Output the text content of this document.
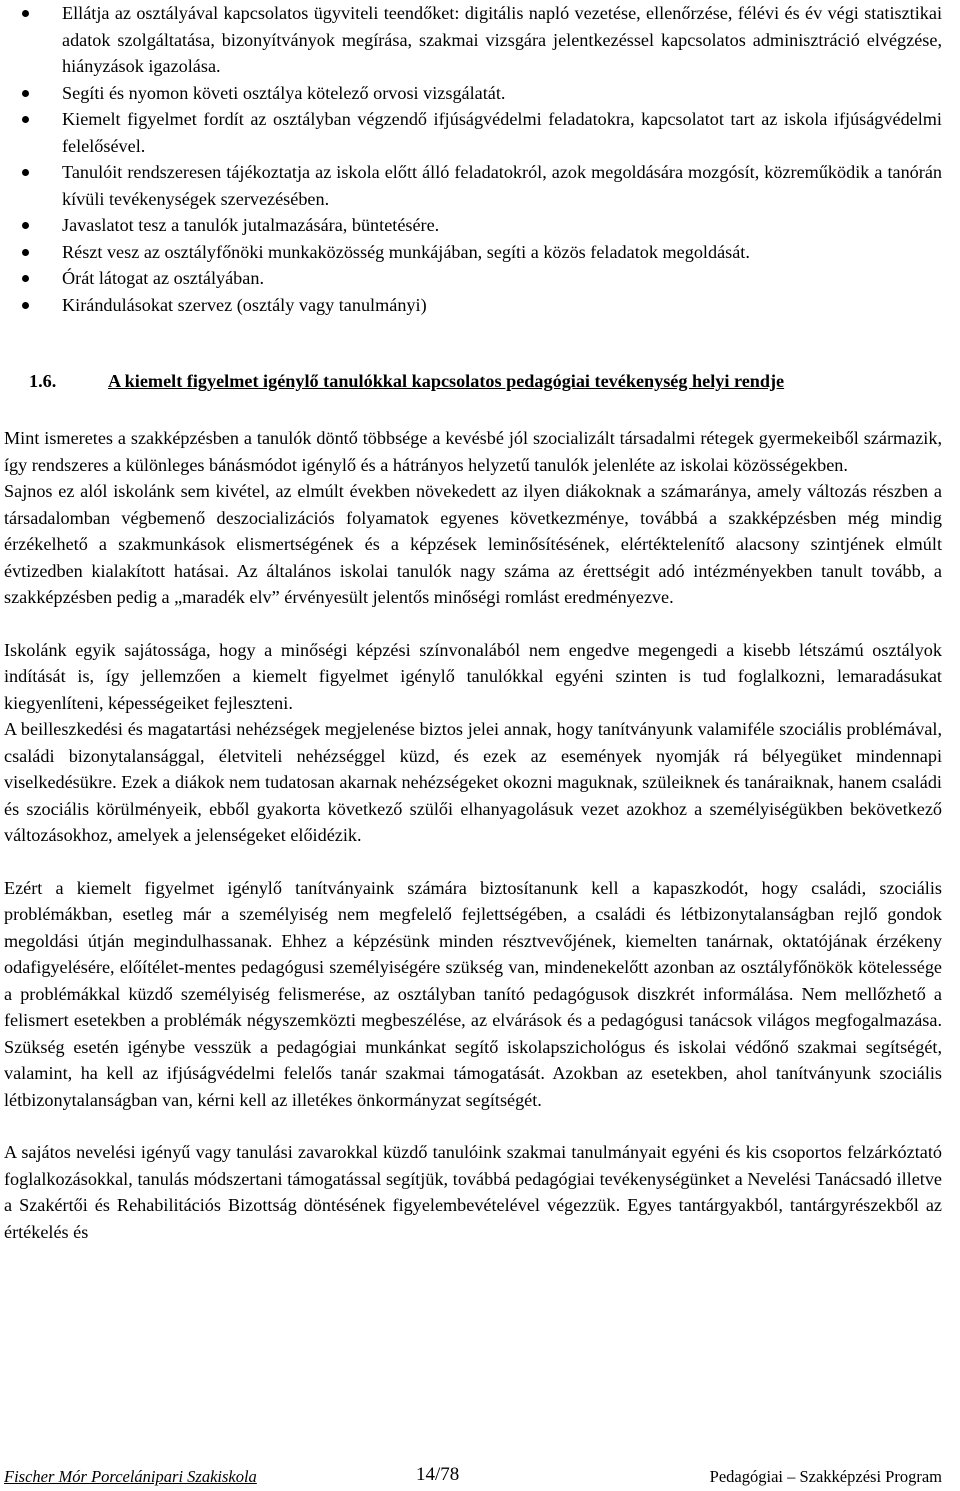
Ellátja az osztályával kapcsolatos ügyviteli teendőket: digitális napló vezetése, ellenőrzése, félévi és év végi statisztikai adatok szolgáltatása, bizonyítványok megírása, szakmai vizsgára jelentkezéssel kapcsolatos adminisztráció elvégzése, hiányzások igazolása.
Segíti és nyomon követi osztálya kötelező orvosi vizsgálatát.
Kiemelt figyelmet fordít az osztályban végzendő ifjúságvédelmi feladatokra, kapcsolatot tart az iskola ifjúságvédelmi felelősével.
Tanulóit rendszeresen tájékoztatja az iskola előtt álló feladatokról, azok megoldására mozgósít, közreműködik a tanórán kívüli tevékenységek szervezésében.
Javaslatot tesz a tanulók jutalmazására, büntetésére.
Részt vesz az osztályfőnöki munkaközösség munkájában, segíti a közös feladatok megoldását.
Órát látogat az osztályában.
Kirándulásokat szervez (osztály vagy tanulmányi)
1.6.	A kiemelt figyelmet igénylő tanulókkal kapcsolatos pedagógiai tevékenység helyi rendje

Mint ismeretes a szakképzésben a tanulók döntő többsége a kevésbé jól szocializált társadalmi rétegek gyermekeiből származik, így rendszeres a különleges bánásmódot igénylő és a hátrányos helyzetű tanulók jelenléte az iskolai közösségekben.

Sajnos ez alól iskolánk sem kivétel, az elmúlt években növekedett az ilyen diákoknak a számaránya, amely változás részben a társadalomban végbemenő deszocializációs folyamatok egyenes következménye, továbbá a szakképzésben még mindig érzékelhető a szakmunkások elismertségének és a képzések leminősítésének, elértéktelenítő alacsony szintjének elmúlt évtizedben kialakított hatásai. Az általános iskolai tanulók nagy száma az érettségit adó intézményekben tanult tovább, a szakképzésben pedig a „maradék elv” érvényesült jelentős minőségi romlást eredményezve.

Iskolánk egyik sajátossága, hogy a minőségi képzési színvonalából nem engedve megengedi a kisebb létszámú osztályok indítását is, így jellemzően a kiemelt figyelmet igénylő tanulókkal egyéni szinten is tud foglalkozni, lemaradásukat kiegyenlíteni, képességeiket fejleszteni.

A beilleszkedési és magatartási nehézségek megjelenése biztos jelei annak, hogy tanítványunk valamiféle szociális problémával, családi bizonytalansággal, életviteli nehézséggel küzd, és ezek az események nyomják rá bélyegüket mindennapi viselkedésükre. Ezek a diákok nem tudatosan akarnak nehézségeket okozni maguknak, szüleiknek és tanáraiknak, hanem családi és szociális körülményeik, ebből gyakorta következő szülői elhanyagolásuk vezet azokhoz a személyiségükben bekövetkező változásokhoz, amelyek a jelenségeket előidézik.

Ezért a kiemelt figyelmet igénylő tanítványaink számára biztosítanunk kell a kapaszkodót, hogy családi, szociális problémákban, esetleg már a személyiség nem megfelelő fejlettségében, a családi és létbizonytalanságban rejlő gondok megoldási útján megindulhassanak. Ehhez a képzésünk minden résztvevőjének, kiemelten tanárnak, oktatójának érzékeny odafigyelésére, előítélet-mentes pedagógusi személyiségére szükség van, mindenekelőtt azonban az osztályfőnökök kötelessége a problémákkal küzdő személyiség felismerése, az osztályban tanító pedagógusok diszkrét informálása. Nem mellőzhető a felismert esetekben a problémák négyszemközti megbeszélése, az elvárások és a pedagógusi tanácsok világos megfogalmazása. Szükség esetén igénybe vesszük a pedagógiai munkánkat segítő iskolapszichológus és iskolai védőnő szakmai segítségét, valamint, ha kell az ifjúságvédelmi felelős tanár szakmai támogatását. Azokban az esetekben, ahol tanítványunk szociális létbizonytalanságban van, kérni kell az illetékes önkormányzat segítségét.

A sajátos nevelési igényű vagy tanulási zavarokkal küzdő tanulóink szakmai tanulmányait egyéni és kis csoportos felzárkóztató foglalkozásokkal, tanulás módszertani támogatással segítjük, továbbá pedagógiai tevékenységünket a Nevelési Tanácsadó illetve a Szakértői és Rehabilitációs Bizottság döntésének figyelembevételével végezzük. Egyes tantárgyakból, tantárgyrészekből az értékelés és

Fischer Mór Porcelánipari Szakiskola	14/78	Pedagógiai – Szakképzési Program
